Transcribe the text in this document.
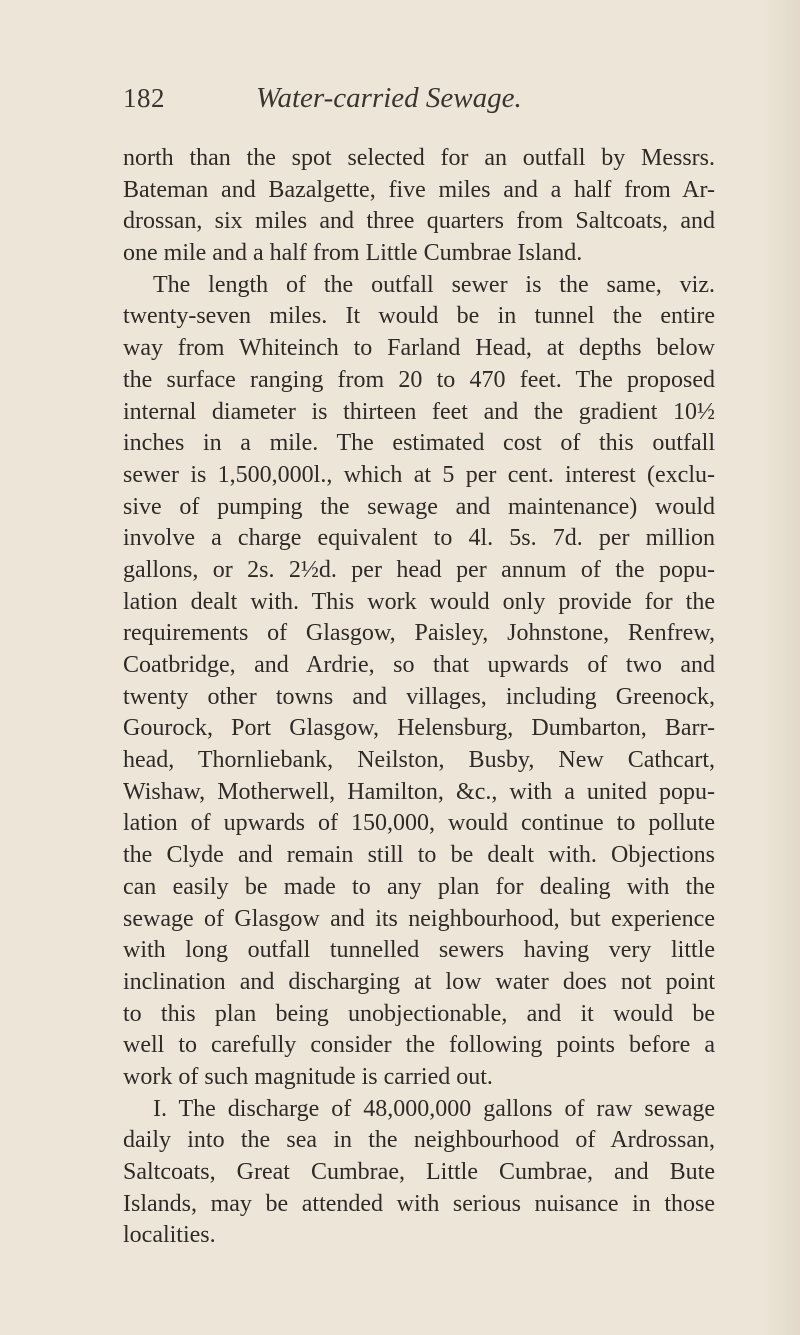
182	Water-carried Sewage.
north than the spot selected for an outfall by Messrs.
Bateman and Bazalgette, five miles and a half from Ar-
drossan, six miles and three quarters from Saltcoats, and
one mile and a half from Little Cumbrae Island.
The length of the outfall sewer is the same, viz.
twenty-seven miles. It would be in tunnel the entire
way from Whiteinch to Farland Head, at depths below
the surface ranging from 20 to 470 feet. The proposed
internal diameter is thirteen feet and the gradient 10½
inches in a mile. The estimated cost of this outfall
sewer is 1,500,000l., which at 5 per cent. interest (exclu-
sive of pumping the sewage and maintenance) would
involve a charge equivalent to 4l. 5s. 7d. per million
gallons, or 2s. 2½d. per head per annum of the popu-
lation dealt with. This work would only provide for the
requirements of Glasgow, Paisley, Johnstone, Renfrew,
Coatbridge, and Ardrie, so that upwards of two and
twenty other towns and villages, including Greenock,
Gourock, Port Glasgow, Helensburg, Dumbarton, Barr-
head, Thornliebank, Neilston, Busby, New Cathcart,
Wishaw, Motherwell, Hamilton, &c., with a united popu-
lation of upwards of 150,000, would continue to pollute
the Clyde and remain still to be dealt with. Objections
can easily be made to any plan for dealing with the
sewage of Glasgow and its neighbourhood, but experience
with long outfall tunnelled sewers having very little
inclination and discharging at low water does not point
to this plan being unobjectionable, and it would be
well to carefully consider the following points before a
work of such magnitude is carried out.
I. The discharge of 48,000,000 gallons of raw sewage
daily into the sea in the neighbourhood of Ardrossan,
Saltcoats, Great Cumbrae, Little Cumbrae, and Bute
Islands, may be attended with serious nuisance in those
localities.
